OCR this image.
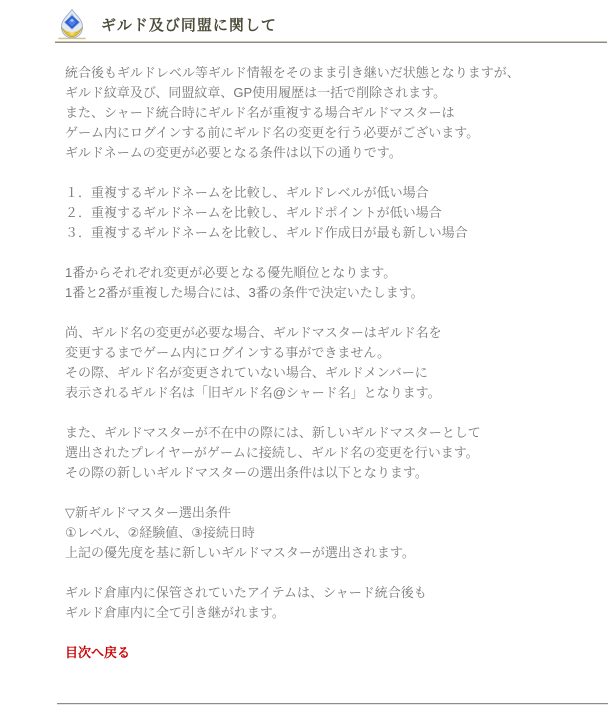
ギルド及び同盟に関して

統合後もギルドレベル等ギルド情報をそのまま引き継いだ状態となりますが、
ギルド紋章及び、同盟紋章、GP使用履歴は一括で削除されます。
また、シャード統合時にギルド名が重複する場合ギルドマスターは
ゲーム内にログインする前にギルド名の変更を行う必要がございます。
ギルドネームの変更が必要となる条件は以下の通りです。

１．重複するギルドネームを比較し、ギルドレベルが低い場合
２．重複するギルドネームを比較し、ギルドポイントが低い場合
３．重複するギルドネームを比較し、ギルド作成日が最も新しい場合

1番からそれぞれ変更が必要となる優先順位となります。
1番と2番が重複した場合には、3番の条件で決定いたします。

尚、ギルド名の変更が必要な場合、ギルドマスターはギルド名を
変更するまでゲーム内にログインする事ができません。
その際、ギルド名が変更されていない場合、ギルドメンバーに
表示されるギルド名は「旧ギルド名@シャード名」となります。

また、ギルドマスターが不在中の際には、新しいギルドマスターとして
選出されたプレイヤーがゲームに接続し、ギルド名の変更を行います。
その際の新しいギルドマスターの選出条件は以下となります。

▽新ギルドマスター選出条件
①レベル、②経験値、③接続日時
上記の優先度を基に新しいギルドマスターが選出されます。

ギルド倉庫内に保管されていたアイテムは、シャード統合後も
ギルド倉庫内に全て引き継がれます。

目次へ戻る
